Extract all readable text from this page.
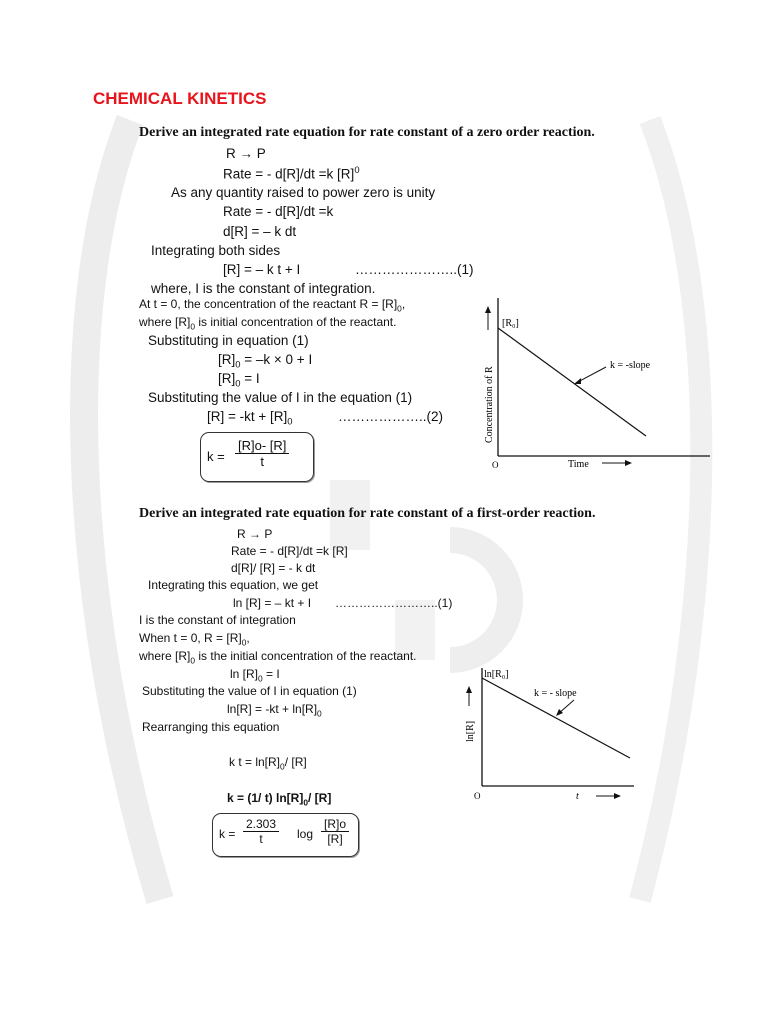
CHEMICAL KINETICS
Derive an integrated rate equation for rate constant of a zero order reaction.
R → P
Rate = - d[R]/dt =k $[R]^0$
As any quantity raised to power zero is unity
Rate = - d[R]/dt =k
d[R] = – k dt
Integrating both sides
[R] = – k t + I	…………………..(1)
where, I is the constant of integration.
At t = 0, the concentration of the reactant $R = [R]_0$,
where $[R]_0$ is initial concentration of the reactant.
Substituting in equation (1)
$[R]_0 = -k \times 0 + I$
$[R]_0 = I$
Substituting the value of I in the equation (1)
$[R] = -kt + [R]_0$	………………..(2)
k =
[R]o- [R]
t
[R₀]
k = -slope
Concentration of R
Time
O
Derive an integrated rate equation for rate constant of a first-order reaction.
R → P
Rate = - d[R]/dt =k [R]
d[R]/ [R] = - k dt
Integrating this equation, we get
ln [R] = – kt + I ……………………..(1)
I is the constant of integration
When t = 0, $R = [R]_0$,
where $[R]_0$ is the initial concentration of the reactant.
$\ln [R]_0 = I$
Substituting the value of I in equation (1)
$\ln[R] = -kt + \ln[R]_0$
Rearranging this equation
k $t = \ln[R]_0/$ [R]
k = (1/ t) $\ln[R]_0/$ [R]
k =
2.303
t	log
[R]o
[R]
ln[R₀]
k = - slope
ln[R]
O	t
